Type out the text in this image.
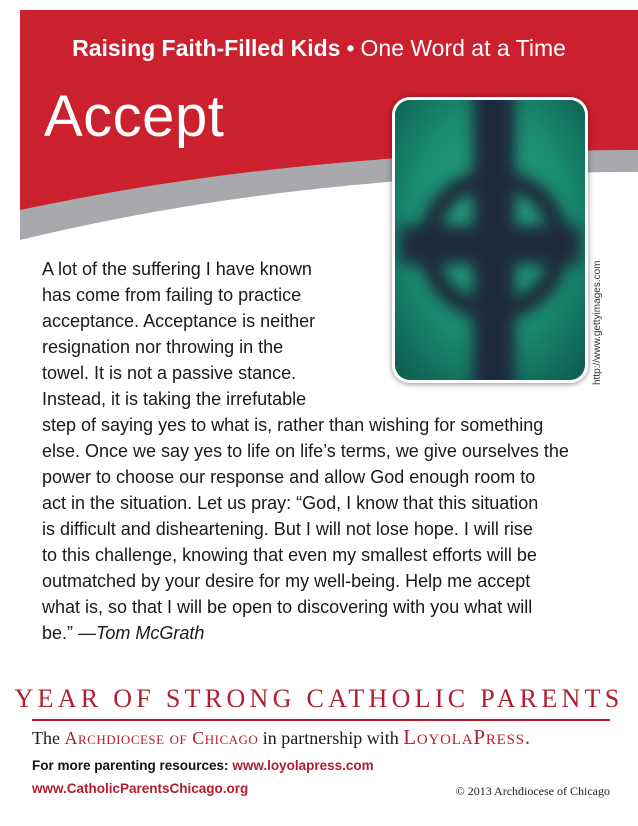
Raising Faith-Filled Kids • One Word at a Time
Accept
http://www.gettyimages.com
A lot of the suffering I have known
has come from failing to practice
acceptance. Acceptance is neither
resignation nor throwing in the
towel. It is not a passive stance.
Instead, it is taking the irrefutable
step of saying yes to what is, rather than wishing for something
else. Once we say yes to life on life’s terms, we give ourselves the
power to choose our response and allow God enough room to
act in the situation. Let us pray: “God, I know that this situation
is difficult and disheartening. But I will not lose hope. I will rise
to this challenge, knowing that even my smallest efforts will be
outmatched by your desire for my well-being. Help me accept
what is, so that I will be open to discovering with you what will
be.” —Tom McGrath
YEAR OF STRONG CATHOLIC PARENTS
The Archdiocese of Chicago in partnership with LoyolaPress.
For more parenting resources: www.loyolapress.com
www.CatholicParentsChicago.org	© 2013 Archdiocese of Chicago
